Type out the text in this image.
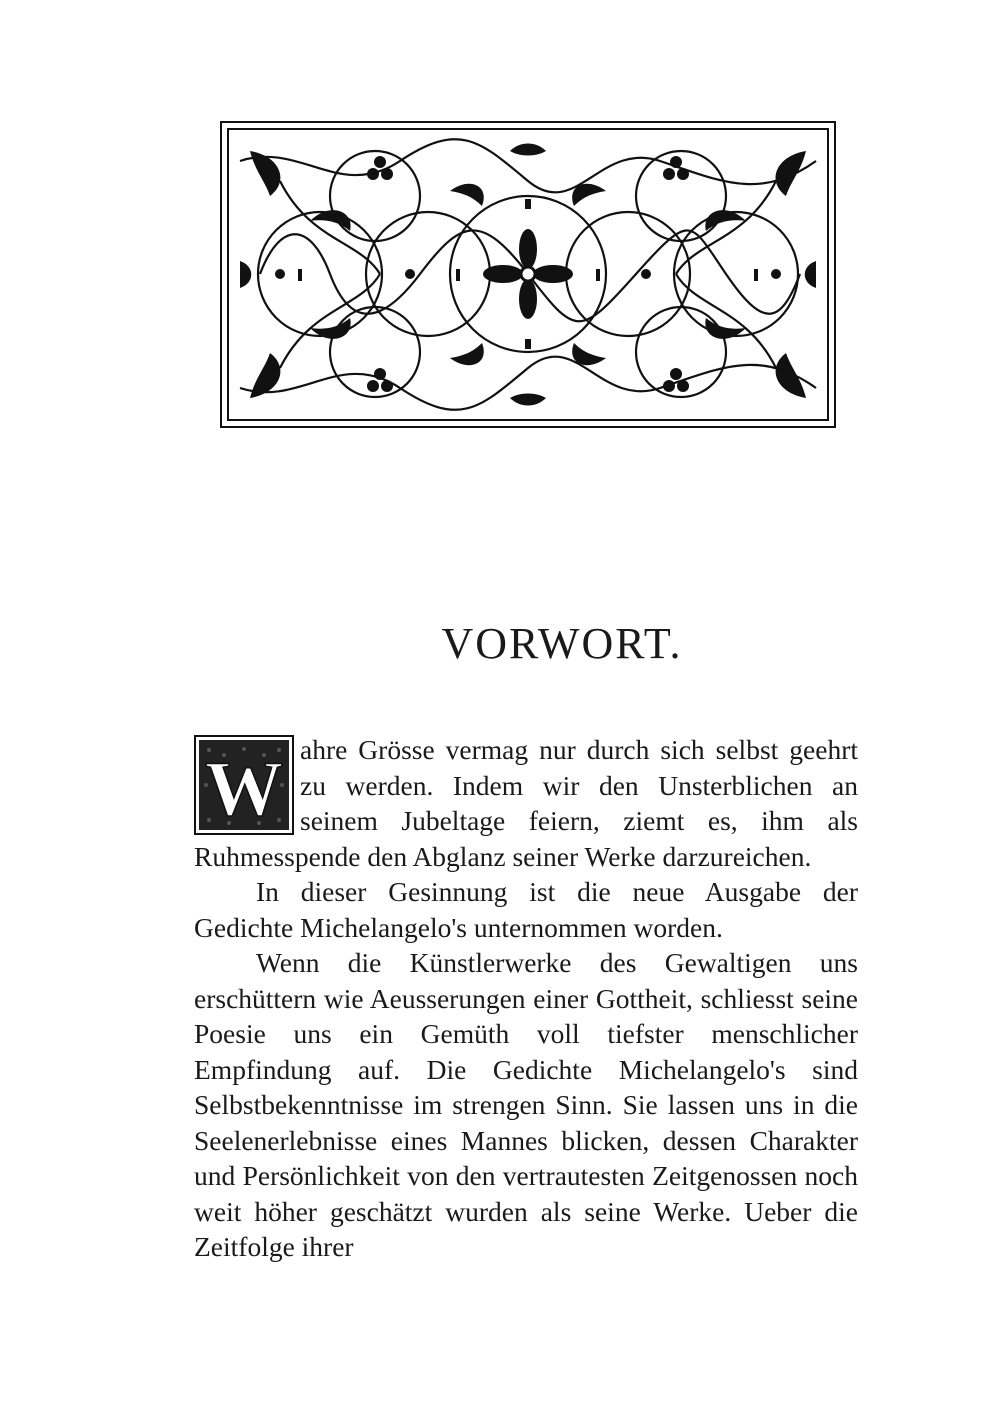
VORWORT.
W ahre Grösse vermag nur durch sich selbst geehrt zu werden. Indem wir den Unsterblichen an seinem Jubeltage feiern, ziemt es, ihm als Ruhmesspende den Abglanz seiner Werke darzureichen.

In dieser Gesinnung ist die neue Ausgabe der Gedichte Michelangelo's unternommen worden.

Wenn die Künstlerwerke des Gewaltigen uns erschüttern wie Aeusserungen einer Gottheit, schliesst seine Poesie uns ein Gemüth voll tiefster menschlicher Empfindung auf. Die Gedichte Michelangelo's sind Selbstbekenntnisse im strengen Sinn. Sie lassen uns in die Seelenerlebnisse eines Mannes blicken, dessen Charakter und Persönlichkeit von den vertrautesten Zeitgenossen noch weit höher geschätzt wurden als seine Werke. Ueber die Zeitfolge ihrer
